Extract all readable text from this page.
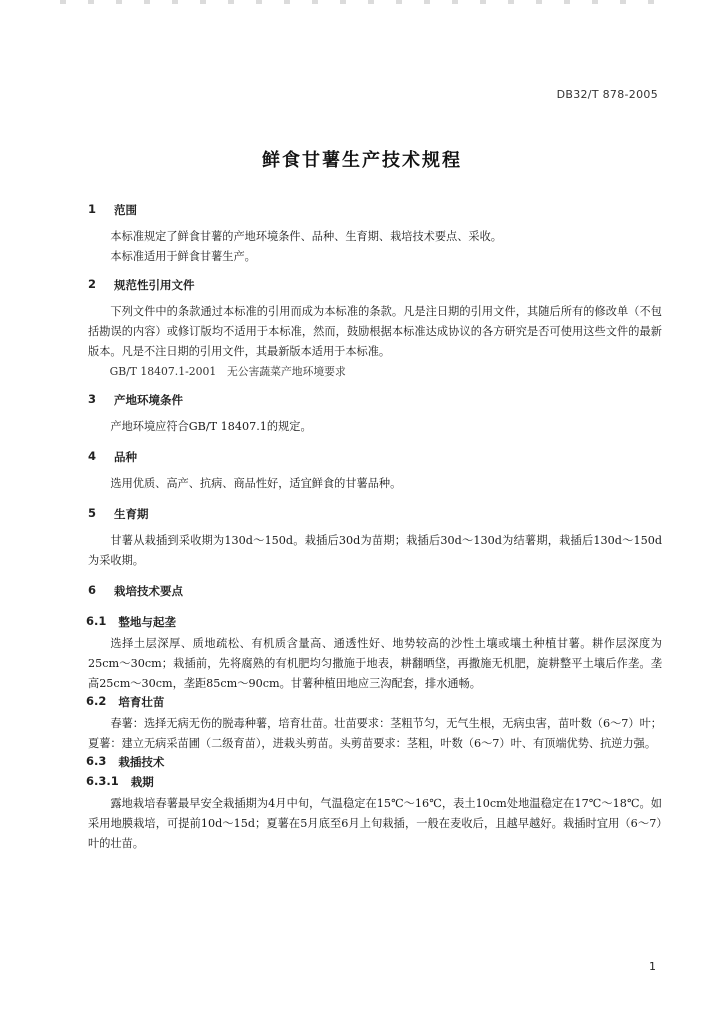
DB32/T 878-2005
鲜食甘薯生产技术规程
1	范围

本标准规定了鲜食甘薯的产地环境条件、品种、生育期、栽培技术要点、采收。

本标准适用于鲜食甘薯生产。

2	规范性引用文件

下列文件中的条款通过本标准的引用而成为本标准的条款。凡是注日期的引用文件，其随后所有的修改单（不包括勘误的内容）或修订版均不适用于本标准，然而，鼓励根据本标准达成协议的各方研究是否可使用这些文件的最新版本。凡是不注日期的引用文件，其最新版本适用于本标准。

GB/T 18407.1-2001　无公害蔬菜产地环境要求

3	产地环境条件

产地环境应符合GB/T 18407.1的规定。

4	品种

选用优质、高产、抗病、商品性好，适宜鲜食的甘薯品种。

5	生育期

甘薯从栽插到采收期为130d～150d。栽插后30d为苗期；栽插后30d～130d为结薯期，栽插后130d～150d为采收期。

6	栽培技术要点
6.1 整地与起垄

选择土层深厚、质地疏松、有机质含量高、通透性好、地势较高的沙性土壤或壤土种植甘薯。耕作层深度为 25cm～30cm；栽插前，先将腐熟的有机肥均匀撒施于地表，耕翻晒垡，再撒施无机肥，旋耕整平土壤后作垄。垄高25cm～30cm，垄距85cm～90cm。甘薯种植田地应三沟配套，排水通畅。

6.2 培育壮苗

春薯：选择无病无伤的脱毒种薯，培育壮苗。壮苗要求：茎粗节匀，无气生根，无病虫害，苗叶数（6～7）叶；夏薯：建立无病采苗圃（二级育苗），进栽头剪苗。头剪苗要求：茎粗，叶数（6～7）叶、有顶端优势、抗逆力强。

6.3 栽插技术
6.3.1 栽期

露地栽培春薯最早安全栽插期为4月中旬，气温稳定在15℃～16℃，表土10cm处地温稳定在17℃～18℃。如采用地膜栽培，可提前10d～15d；夏薯在5月底至6月上旬栽插，一般在麦收后，且越早越好。栽插时宜用（6～7）叶的壮苗。

1
